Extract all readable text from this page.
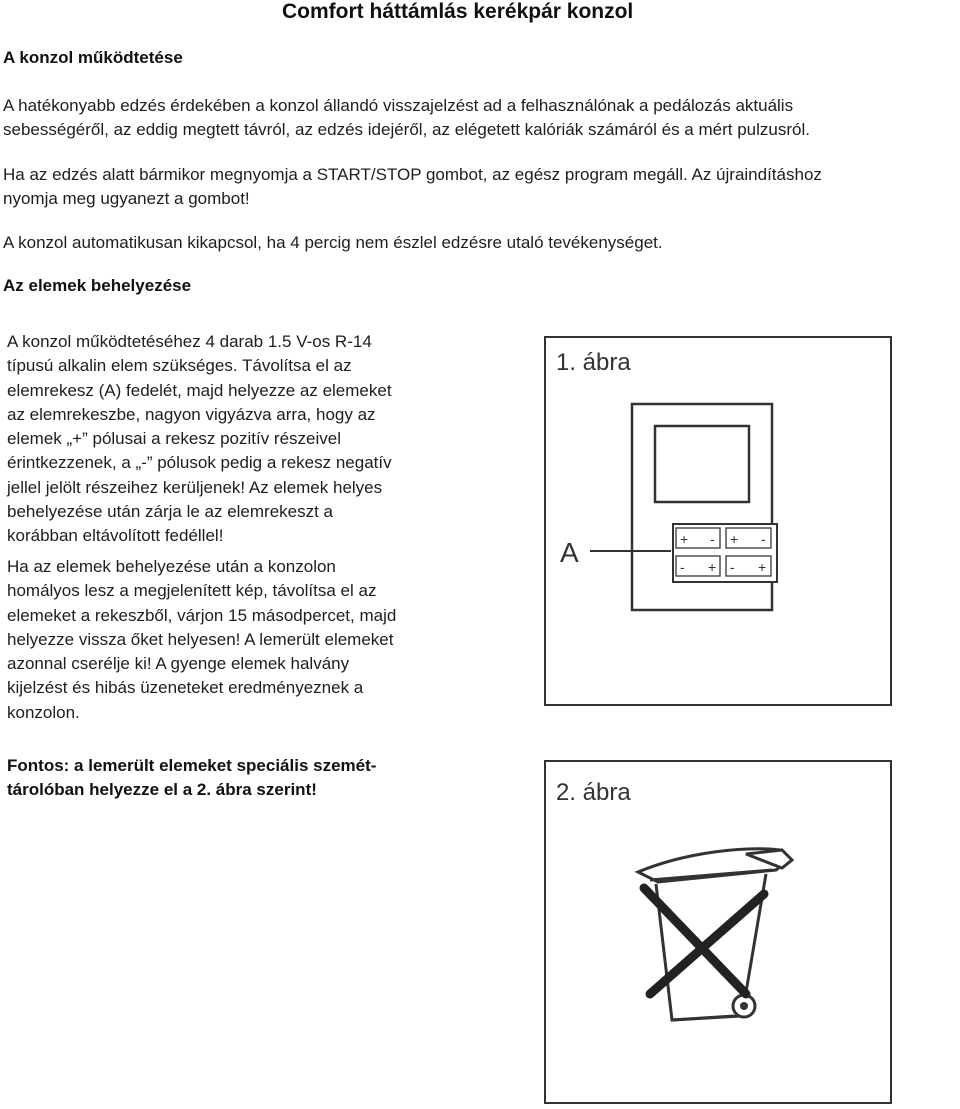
Comfort háttámlás kerékpár konzol
A konzol működtetése
A hatékonyabb edzés érdekében a konzol állandó visszajelzést ad a felhasználónak a pedálozás aktuális
sebességéről, az eddig megtett távról, az edzés idejéről, az elégetett kalóriák számáról és a mért pulzusról.
Ha az edzés alatt bármikor megnyomja a START/STOP gombot, az egész program megáll. Az újraindításhoz
nyomja meg ugyanezt a gombot!
A konzol automatikusan kikapcsol, ha 4 percig nem észlel edzésre utaló tevékenységet.
Az elemek behelyezése
A konzol működtetéséhez 4 darab 1.5 V-os R-14
típusú alkalin elem szükséges. Távolítsa el az
elemrekesz (A) fedelét, majd helyezze az elemeket
az elemrekeszbe, nagyon vigyázva arra, hogy az
elemek „+” pólusai a rekesz pozitív részeivel
érintkezzenek, a „-” pólusok pedig a rekesz negatív
jellel jelölt részeihez kerüljenek! Az elemek helyes
behelyezése után zárja le az elemrekeszt a
korábban eltávolított fedéllel!
Ha az elemek behelyezése után a konzolon
homályos lesz a megjelenített kép, távolítsa el az
elemeket a rekeszből, várjon 15 másodpercet, majd
helyezze vissza őket helyesen! A lemerült elemeket
azonnal cserélje ki! A gyenge elemek halvány
kijelzést és hibás üzeneteket eredményeznek a
konzolon.
Fontos: a lemerült elemeket speciális szemét-
tárolóban helyezze el a 2. ábra szerint!
1. ábra
+ - + -
- + - +
A
2. ábra
